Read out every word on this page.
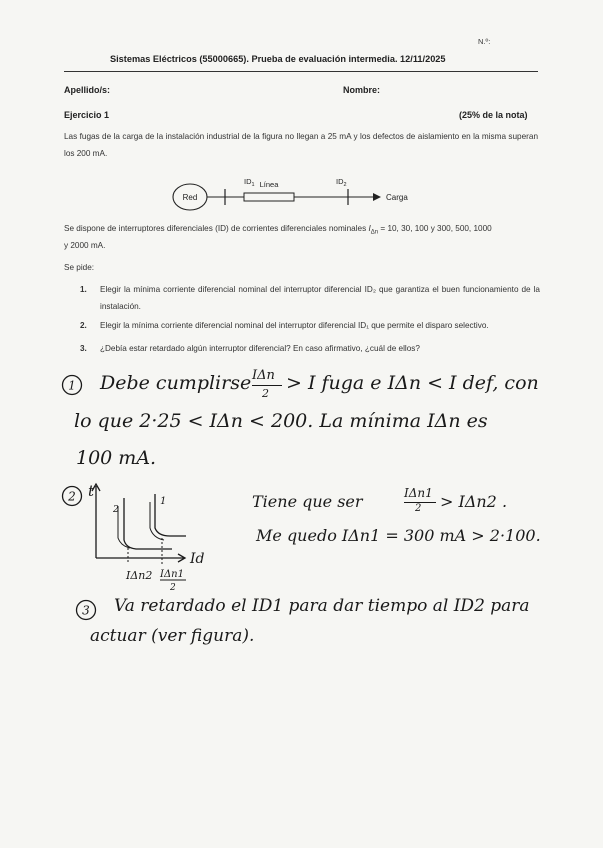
N.º:
Sistemas Eléctricos (55000665). Prueba de evaluación intermedia. 12/11/2025
Apellido/s:	Nombre:
Ejercicio 1	(25% de la nota)
Las fugas de la carga de la instalación industrial de la figura no llegan a 25 mA y los defectos de aislamiento en la misma superan los 200 mA.
Red	Carga
$ID_1$ Línea	$ID_2$
Se dispone de interruptores diferenciales (ID) de corrientes diferenciales nominales $I_{\Delta n} = 10$, 30, 100 y 300, 500, 1000
y 2000 mA.
Se pide:
1. Elegir la mínima corriente diferencial nominal del interruptor diferencial ID₂ que garantiza el buen funcionamiento de la instalación.
2. Elegir la mínima corriente diferencial nominal del interruptor diferencial ID₁ que permite el disparo selectivo.
3. ¿Debía estar retardado algún interruptor diferencial? En caso afirmativo, ¿cuál de ellos?
1 Debe cumplirse IΔn
2 > I fuga e IΔn < I def, con
lo que 2·25 < IΔn < 200. La mínima IΔn es
100 mA.
2 t
2
1
Id
IΔn2 IΔn1
2
Tiene que ser	IΔn1
2 > IΔn2 .
Me quedo IΔn1 = 300 mA > 2·100.
3 Va retardado el ID1 para dar tiempo al ID2 para
actuar (ver figura).
